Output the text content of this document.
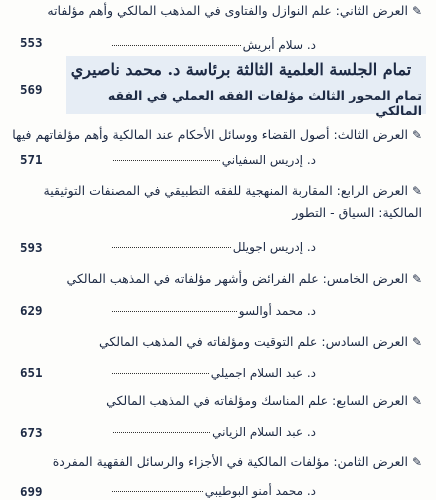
✎العرض الثاني: علم النوازل والفتاوى في المذهب المالكي وأهم مؤلفاته
د. سلام أبريش
553
تمام الجلسة العلمية الثالثة برئاسة د. محمد ناصيري
تمام المحور الثالث مؤلفات الفقه العملي في الفقه المالكي
569
✎العرض الثالث: أصول القضاء ووسائل الأحكام عند المالكية وأهم مؤلفاتهم فيها
د. إدريس السفياني
571
✎العرض الرابع: المقاربة المنهجية للفقه التطبيقي في المصنفات التوثيقية المالكية: السياق - التطور
د. إدريس اجويلل
593
✎العرض الخامس: علم الفرائض وأشهر مؤلفاته في المذهب المالكي
د. محمد أوالسو
629
✎العرض السادس: علم التوقيت ومؤلفاته في المذهب المالكي
د. عبد السلام اجميلي
651
✎العرض السابع: علم المناسك ومؤلفاته في المذهب المالكي
د. عبد السلام الزياني
673
✎العرض الثامن: مؤلفات المالكية في الأجزاء والرسائل الفقهية المفردة
د. محمد أمنو البوطيبي
699
